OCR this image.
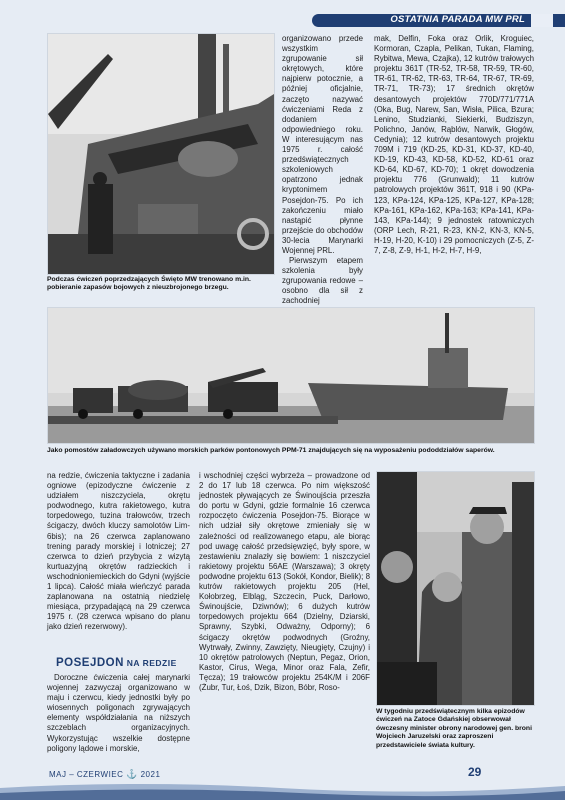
OSTATNIA PARADA MW PRL
Podczas ćwiczeń poprzedzających Święto MW trenowano m.in. pobieranie zapasów bojowych z nieuzbrojonego brzegu.

organizowano przede wszystkim zgrupowanie sił okrętowych, które najpierw potocznie, a później oficjalnie, zaczęto nazywać ćwiczeniami Reda z dodaniem odpowiedniego roku. W interesującym nas 1975 r. całość przedświątecznych szkoleniowych opatrzono jednak kryptonimem Posejdon-75. Po ich zakończeniu miało nastąpić płynne przejście do obchodów 30-lecia Marynarki Wojennej PRL.

Pierwszym etapem szkolenia były zgrupowania redowe – osobno dla sił z zachodniej

mak, Delfin, Foka oraz Orlik, Kroguiec, Kormoran, Czapla, Pelikan, Tukan, Flaming, Rybitwa, Mewa, Czajka), 12 kutrów trałowych projektu 361T (TR-52, TR-58, TR-59, TR-60, TR-61, TR-62, TR-63, TR-64, TR-67, TR-69, TR-71, TR-73); 17 średnich okrętów desantowych projektów 770D/771/771A (Oka, Bug, Narew, San, Wisła, Pilica, Bzura; Lenino, Studzianki, Siekierki, Budziszyn, Polichno, Janów, Rąblów, Narwik, Głogów, Cedynia); 12 kutrów desantowych projektu 709M i 719 (KD-25, KD-31, KD-37, KD-40, KD-19, KD-43, KD-58, KD-52, KD-61 oraz KD-64, KD-67, KD-70); 1 okręt dowodzenia projektu 776 (Grunwald); 11 kutrów patrolowych projektów 361T, 918 i 90 (KPa-123, KPa-124, KPa-125, KPa-127, KPa-128; KPa-161, KPa-162, KPa-163; KPa-141, KPa-143, KPa-144); 9 jednostek ratowniczych (ORP Lech, R-21, R-23, KN-2, KN-3, KN-5, H-19, H-20, K-10) i 29 pomocniczych (Z-5, Z-7, Z-8, Z-9, H-1, H-2, H-7, H-9,

Jako pomostów załadowczych używano morskich parków pontonowych PPM-71 znajdujących się na wyposażeniu pododdziałów saperów.

na redzie, ćwiczenia taktyczne i zadania ogniowe (epizodyczne ćwiczenie z udziałem niszczyciela, okrętu podwodnego, kutra rakietowego, kutra torpedowego, tuzina trałowców, trzech ścigaczy, dwóch kluczy samolotów Lim-6bis); na 26 czerwca zaplanowano trening parady morskiej i lotniczej; 27 czerwca to dzień przybycia z wizytą kurtuazyjną okrętów radzieckich i wschodnioniemieckich do Gdyni (wyjście 1 lipca). Całość miała wieńczyć parada zaplanowana na ostatnią niedzielę miesiąca, przypadającą na 29 czerwca 1975 r. (28 czerwca wpisano do planu jako dzień rezerwowy).

POSEJDON NA REDZIE

Doroczne ćwiczenia całej marynarki wojennej zazwyczaj organizowano w maju i czerwcu, kiedy jednostki były po wiosennych poligonach zgrywających elementy współdziałania na niższych szczeblach organizacyjnych. Wykorzystując wszelkie dostępne poligony lądowe i morskie,

i wschodniej części wybrzeża – prowadzone od 2 do 17 lub 18 czerwca. Po nim większość jednostek pływających ze Świnoujścia przeszła do portu w Gdyni, gdzie formalnie 16 czerwca rozpoczęto ćwiczenia Posejdon-75. Biorące w nich udział siły okrętowe zmieniały się w zależności od realizowanego etapu, ale biorąc pod uwagę całość przedsięwzięć, były spore, w zestawieniu znalazły się bowiem: 1 niszczyciel rakietowy projektu 56AE (Warszawa); 3 okręty podwodne projektu 613 (Sokół, Kondor, Bielik); 8 kutrów rakietowych projektu 205 (Hel, Kołobrzeg, Elbląg, Szczecin, Puck, Darłowo, Świnoujście, Dziwnów); 6 dużych kutrów torpedowych projektu 664 (Dzielny, Dziarski, Sprawny, Szybki, Odważny, Odporny); 6 ścigaczy okrętów podwodnych (Groźny, Wytrwały, Zwinny, Zawzięty, Nieugięty, Czujny) i 10 okrętów patrolowych (Neptun, Pegaz, Orion, Kastor, Cirus, Wega, Minor oraz Fala, Zefir, Tęcza); 19 trałowców projektu 254K/M i 206F (Żubr, Tur, Łoś, Dzik, Bizon, Bóbr, Roso-

W tygodniu przedświątecznym kilka epizodów ćwiczeń na Zatoce Gdańskiej obserwował ówczesny minister obrony narodowej gen. broni Wojciech Jaruzelski oraz zaproszeni przedstawiciele świata kultury.
MAJ – CZERWIEC ⚓ 2021	29
